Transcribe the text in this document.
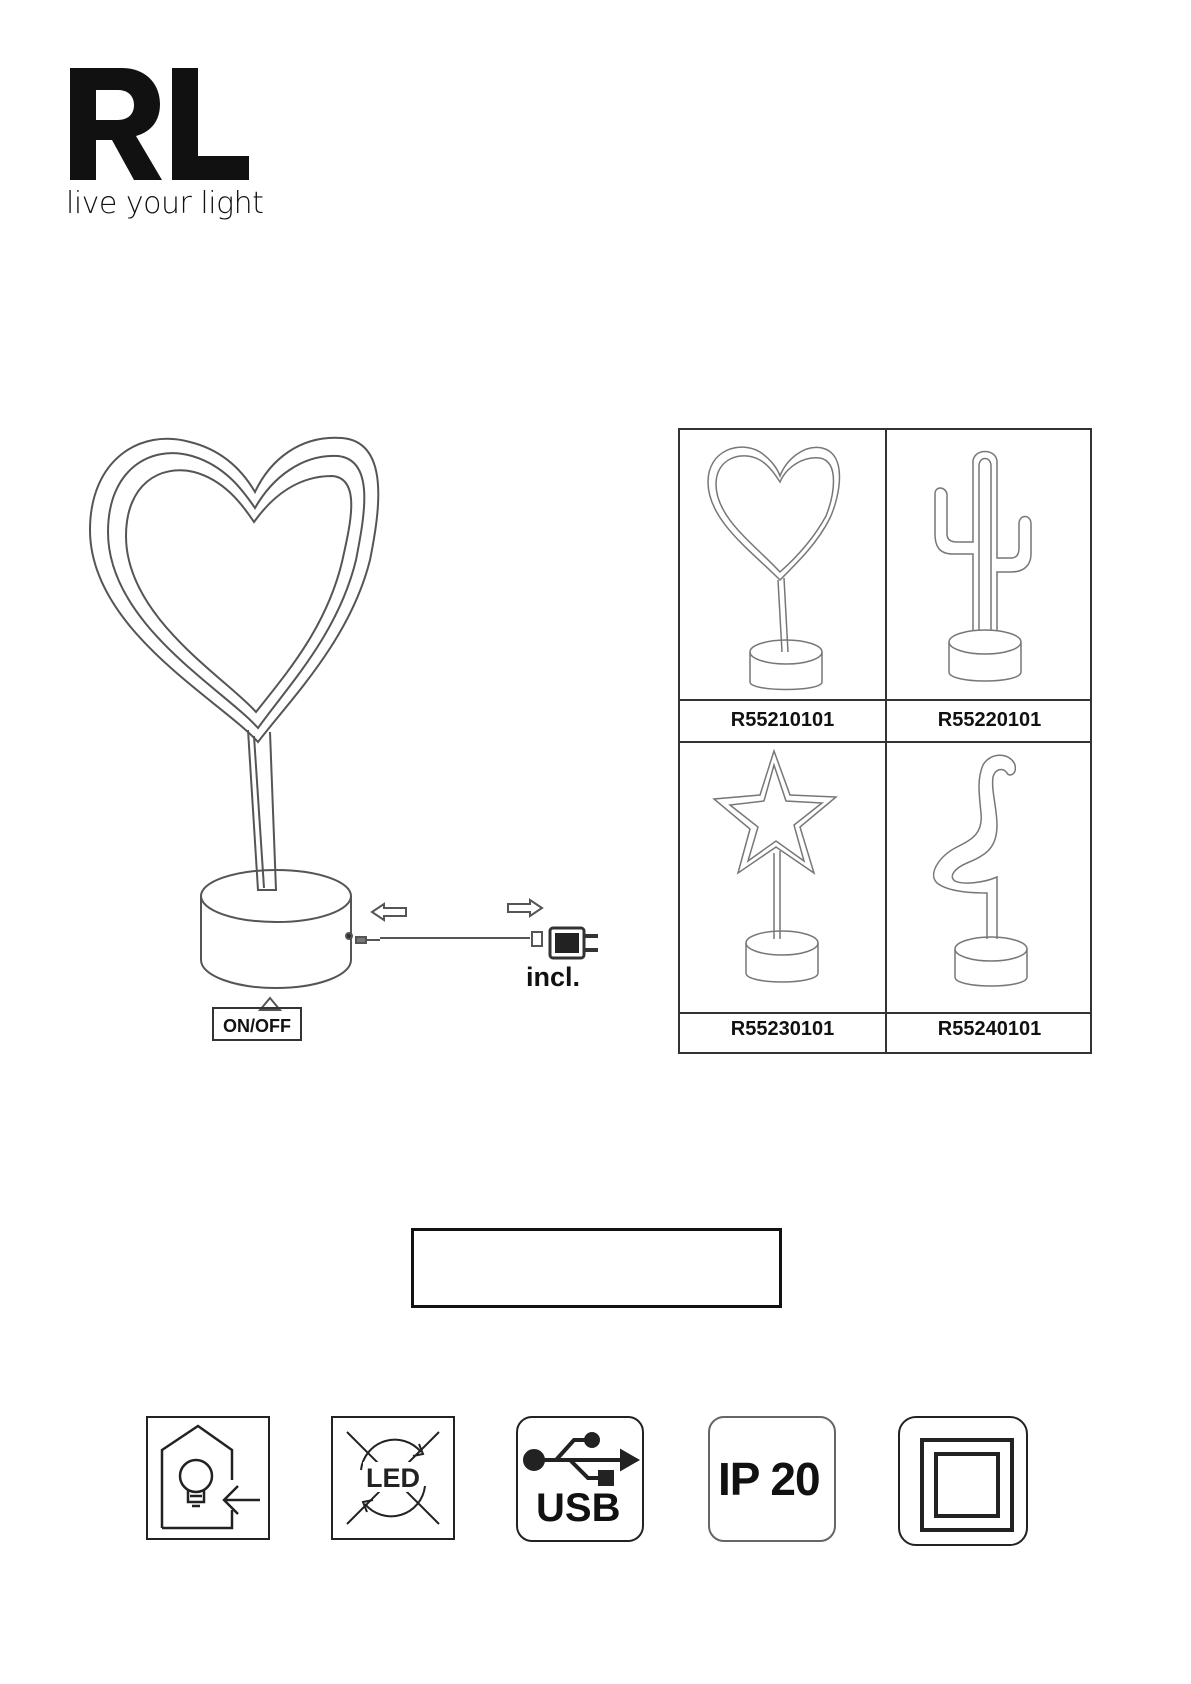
live your light
incl.
ON/OFF
R55210101	R55220101
R55230101	R55240101
LED
USB
IP 20
